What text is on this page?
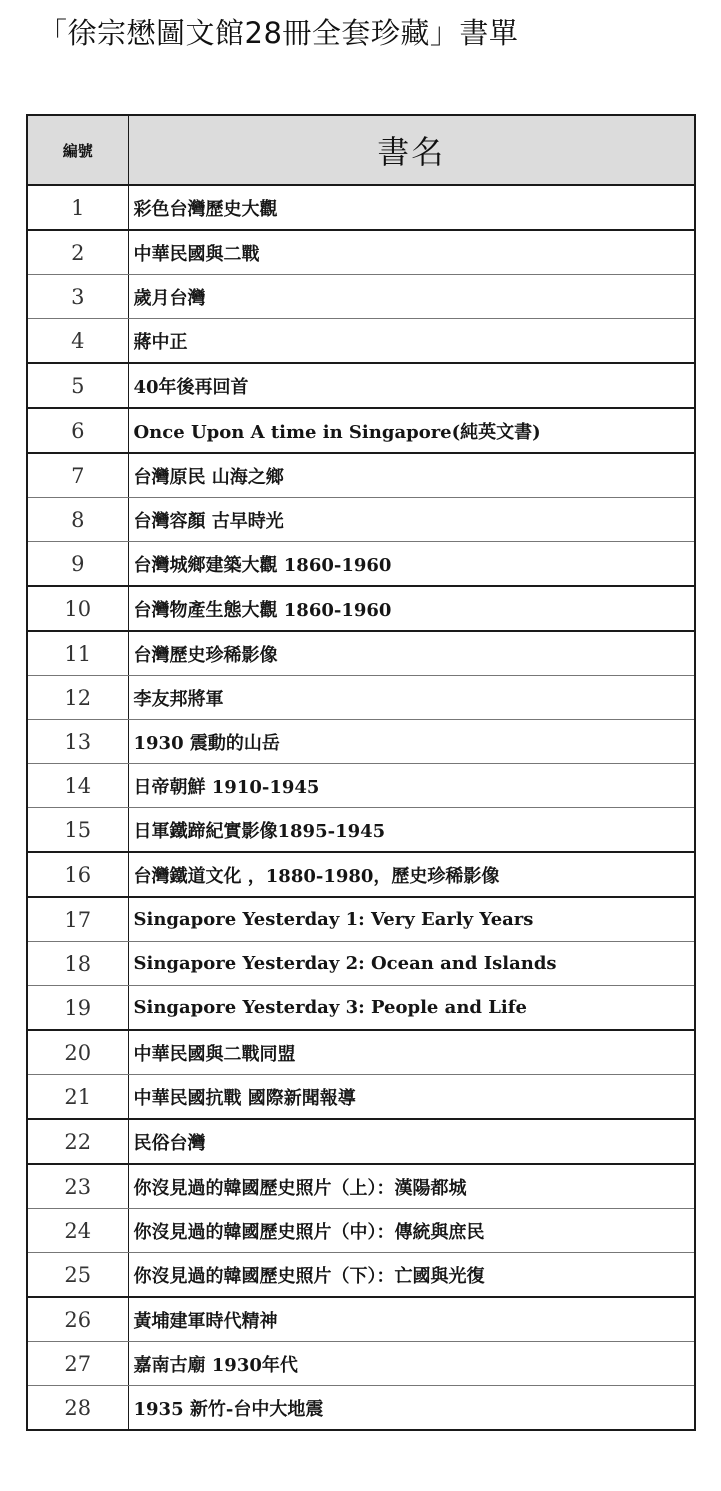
「徐宗懋圖文館28冊全套珍藏」書單
編號	書名
1	彩色台灣歷史大觀
2	中華民國與二戰
3	歲月台灣
4	蔣中正
5	40年後再回首
6	Once Upon A time in Singapore(純英文書)
7	台灣原民 山海之鄉
8	台灣容顏 古早時光
9	台灣城鄉建築大觀 1860-1960
10	台灣物產生態大觀 1860-1960
11	台灣歷史珍稀影像
12	李友邦將軍
13	1930 震動的山岳
14	日帝朝鮮 1910-1945
15	日軍鐵蹄紀實影像1895-1945
16	台灣鐵道文化 ，1880-1980，歷史珍稀影像
17	Singapore Yesterday 1: Very Early Years
18	Singapore Yesterday 2: Ocean and Islands
19	Singapore Yesterday 3: People and Life
20	中華民國與二戰同盟
21	中華民國抗戰 國際新聞報導
22	民俗台灣
23	你沒見過的韓國歷史照片（上）：漢陽都城
24	你沒見過的韓國歷史照片（中）：傳統與庶民
25	你沒見過的韓國歷史照片（下）：亡國與光復
26	黃埔建軍時代精神
27	嘉南古廟 1930年代
28	1935 新竹-台中大地震
